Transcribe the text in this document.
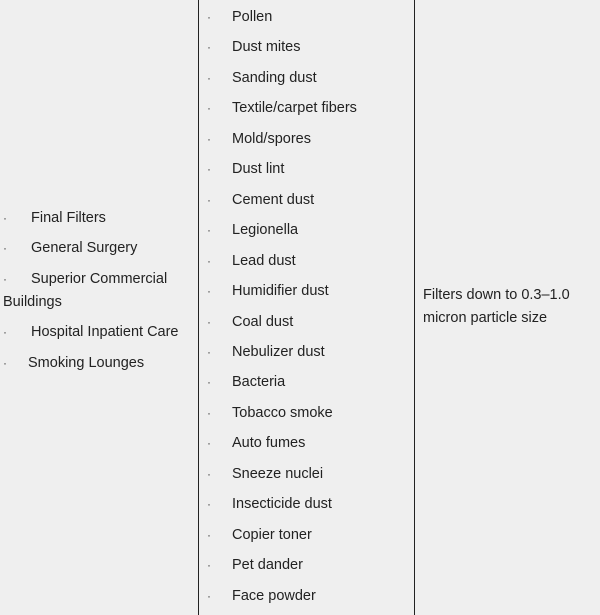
· Final Filters
· General Surgery
· Superior Commercial
Buildings
· Hospital Inpatient Care
· Smoking Lounges
· Pollen
· Dust mites
· Sanding dust
· Textile/carpet fibers
· Mold/spores
· Dust lint
· Cement dust
· Legionella
· Lead dust
· Humidifier dust
· Coal dust
· Nebulizer dust
· Bacteria
· Tobacco smoke
· Auto fumes
· Sneeze nuclei
· Insecticide dust
· Copier toner
· Pet dander
· Face powder
Filters down to 0.3–1.0 micron particle size
